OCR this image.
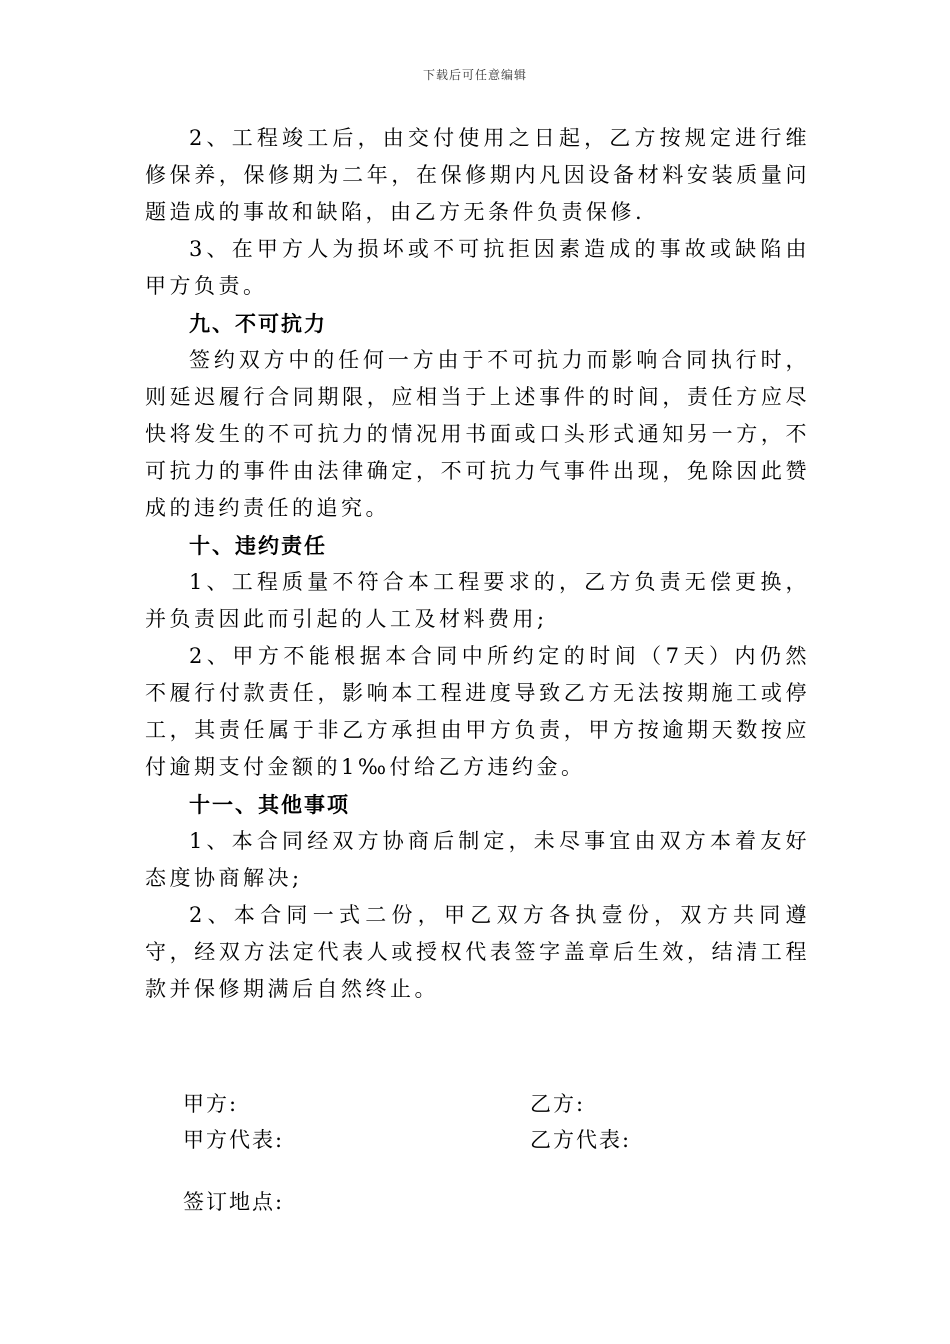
下载后可任意编辑

2、工程竣工后，由交付使用之日起，乙方按规定进行维修保养，保修期为二年，在保修期内凡因设备材料安装质量问题造成的事故和缺陷，由乙方无条件负责保修.

3、在甲方人为损坏或不可抗拒因素造成的事故或缺陷由甲方负责。

九、不可抗力

签约双方中的任何一方由于不可抗力而影响合同执行时，则延迟履行合同期限，应相当于上述事件的时间，责任方应尽快将发生的不可抗力的情况用书面或口头形式通知另一方，不可抗力的事件由法律确定，不可抗力气事件出现，免除因此赞成的违约责任的追究。

十、违约责任

1、工程质量不符合本工程要求的，乙方负责无偿更换，并负责因此而引起的人工及材料费用;

2、甲方不能根据本合同中所约定的时间（7天）内仍然不履行付款责任，影响本工程进度导致乙方无法按期施工或停工，其责任属于非乙方承担由甲方负责，甲方按逾期天数按应付逾期支付金额的1‰付给乙方违约金。

十一、其他事项

1、本合同经双方协商后制定，未尽事宜由双方本着友好态度协商解决;

2、本合同一式二份，甲乙双方各执壹份，双方共同遵守，经双方法定代表人或授权代表签字盖章后生效，结清工程款并保修期满后自然终止。

甲方:	乙方:
甲方代表:	乙方代表:
签订地点:
